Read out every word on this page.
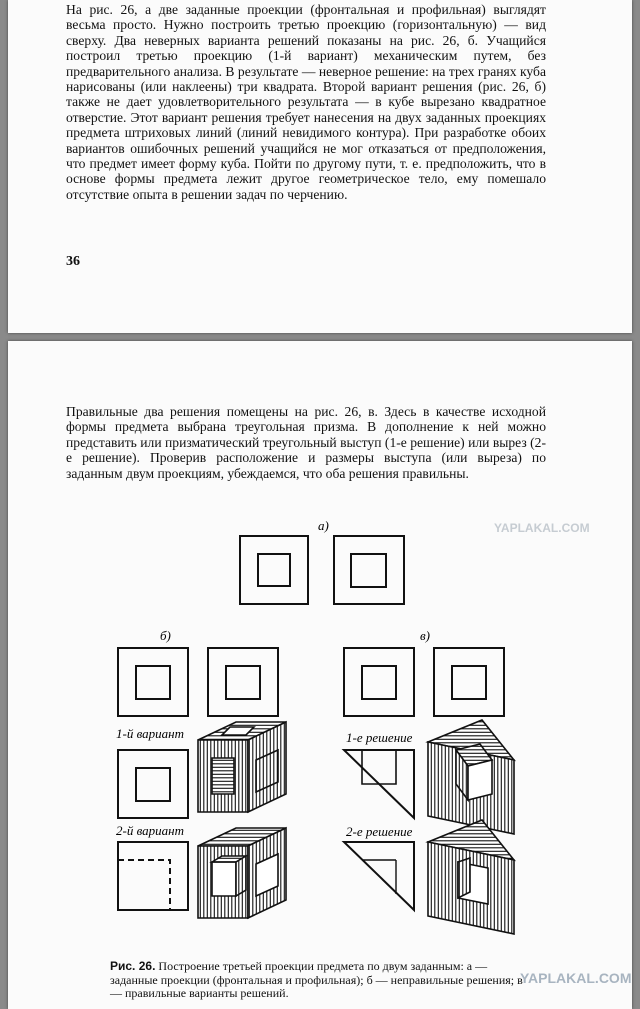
На рис. 26, а две заданные проекции (фронтальная и профильная) выглядят весьма просто. Нужно построить третью проекцию (горизонтальную) — вид сверху. Два неверных варианта решений показаны на рис. 26, б. Учащийся построил третью проекцию (1-й вариант) механическим путем, без предварительного анализа. В результате — неверное решение: на трех гранях куба нарисованы (или наклеены) три квадрата. Второй вариант решения (рис. 26, б) также не дает удовлетворительного результата — в кубе вырезано квадратное отверстие. Этот вариант решения требует нанесения на двух заданных проекциях предмета штриховых линий (линий невидимого контура). При разработке обоих вариантов ошибочных решений учащийся не мог отказаться от предположения, что предмет имеет форму куба. Пойти по другому пути, т. е. предположить, что в основе формы предмета лежит другое геометрическое тело, ему помешало отсутствие опыта в решении задач по черчению.
36
Правильные два решения помещены на рис. 26, в. Здесь в качестве исходной формы предмета выбрана треугольная призма. В дополнение к ней можно представить или призматический треугольный выступ (1-е решение) или вырез (2-е решение). Проверив расположение и размеры выступа (или выреза) по заданным двум проекциям, убеждаемся, что оба решения правильны.
а)
б)	в)
1-й вариант
2-й вариант
1-е решение
2-е решение
YAPLAKAL.COM
YAPLAKAL.COM
Рис. 26. Построение третьей проекции предмета по двум заданным: а — заданные проекции (фронтальная и профильная); б — неправильные решения; в — правильные варианты решений.
